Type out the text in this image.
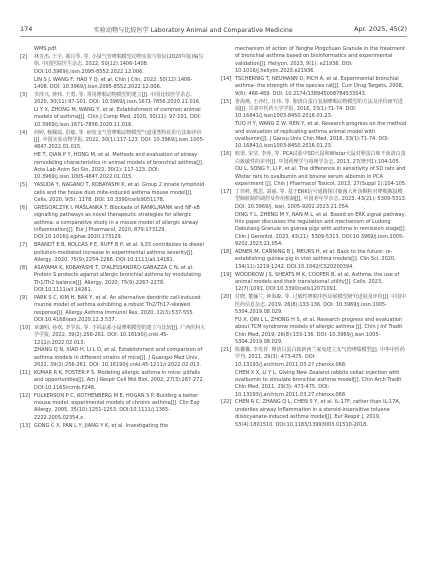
174	实验动物与比较医学 Laboratory Animal and Comparative Medicine	Apr. 2025, 45(2)
WMS.pdf.
[2]	林芳杰, 王宇, 郝月琴, 等. 小鼠气管哮喘模型动物实验与验证(2020年版)编写组. 中国医院医生杂志, 2022, 50(12):1406-1408. DOI:10.3969/j.issn.2095-8552.2022.12.006.
LIN S J, WANG F, HAO Y Q, et al. Chin J Clin, 2022, 50(12):1406-1408. DOI: 10.3969/j.issn.2095-8552.2022.12.006.
[3]	李泽兴, 钟炜, 王勇, 等. 常用哮喘动物模型的建立[J]. 中国比较医学杂志, 2020, 30(11):97-101. DOI: 10.3969/j.issn.1671-7856.2020.11.016.
LI Y X, ZHONG M, WANG Y, et al. Establishment of common animal models of asthma[J]. Chin J Comp Med, 2020, 30(11): 97-101. DOI: 10.3969/j.issn.1671-7856.2020.11.016.
[4]	何婷, 杨佩瑶, 洪敏, 等. 病发支气管哮喘动物模型气道重塑特征的方法和评价[J]. 中国实验动物学报, 2022, 30(1):117-123. DOI: 10.3969/j.issn.1005-4847.2022.01.015.
HE T, QIAN P Y, HONG M, et al. Methods and evaluation of airway remodeling characteristics in animal models of bronchial asthma[J]. Acta Lab Anim Sci Sin, 2022, 30(1): 117-123. DOI: 10.3969/j.issn.1005-4847.2022.01.015.
[5]	YASUDA Y, NAGANO T, KOBAYASHI K, et al. Group 2 innate lymphoid cells and the house dust mite-induced asthma mouse model[J]. Cells, 2020, 9(5): 1178. DOI: 10.3390/cells9051178.
[6]	GREGORCZYK I, MAŚLANKA T. Blockade of RANKL/RANK and NF-κB signalling pathways as novel therapeutic strategies for allergic asthma: a comparative study in a mouse model of allergic airway inflammation[J]. Eur J Pharmacol, 2020, 879:173129. DOI:10.1016/j.ejphar.2020.173129.
[7]	BRANDT E B, BOLCAS P E, RUFF B P, et al. IL33 contributes to diesel pollution-mediated increase in experimental asthma severity[J]. Allergy, 2020, 75(9):2254-2266. DOI:10.1111/all.14181.
[8]	ASAYAMA K, KOBAYASHI T, D'ALESSANDRO-GABAZZA C N, et al. Protein S protects against allergic bronchial asthma by modulating Th1/Th2 balance[J]. Allergy, 2020, 75(9):2267-2278. DOI:10.1111/all.14261.
[9]	PARK S C, KIM H, BAK Y, et al. An alternative dendritic cell-induced murine model of asthma exhibiting a robust Th2/Th17-skewed response[J]. Allergy Asthma Immunol Res, 2020, 12(3):537-555. DOI:10.4168/aair.2020.12.3.537.
[10] 章谦明, 孙欢, 李学东, 等. 不同品系小鼠哮喘模型的建立与比较[J]. 广西医科大学学报, 2022, 39(2):256-261. DOI: 10.16190/j.cnki.45-1211/r.2022.02.013.
ZHANG Q N, XIAO H, LI L D, et al. Establishment and comparison of asthma models in different strains of mice[J]. J Guangxi Med Univ, 2022, 39(2):256-261. DOI: 10.16190/j.cnki.45-1211/r.2022.02.013.
[11] KUMAR R K, FOSTER P S. Modeling allergic asthma in mice: pitfalls and opportunities[J]. Am J Respir Cell Mol Biol, 2002, 27(3):267-272. DOI:10.1165/rcmb.F248.
[12] FULKERSON P C, ROTHENBERG M E, HOGAN S P. Building a better mouse model: experimental models of chronic asthma[J]. Clin Exp Allergy, 2005, 35(10):1251-1253. DOI:10.1111/j.1365-2222.2005.02354.x.
[13] GONG C X, PAN L Y, JIANG Y K, et al. Investigating the
mechanism of action of Yanghe Pingchuan Granule in the treatment of bronchial asthma based on bioinformatics and experimental validation[J]. Heliyon, 2023, 9(1): e21936. DOI: 10.1016/j.heliyon.2023.e21936.
[14] TSCHERNIG T, NEUMANN D, PICH A, et al. Experimental bronchial asthma- the strength of the species rat[J]. Curr Drug Targets, 2008, 9(6): 466-469. DOI: 10.2174/138945008784533543.
[15] 皆海燕, 王亦红, 任伟, 等. 卵清白蛋白复制哮喘动物模型的方法及评价研究进展[J]. 甘肃中医药大学学报, 2016, 33(1):71-74. DOI: 10.16841/j.issn1003-8450.2016.01.23.
TUO H Y, WANG Z W, REN Y, et al. Research progress on the method and evaluation of replicating asthma animal model with ovalbumin[J]. J Gansu Univ Chin Med, 2016, 33(1):71-74. DOI: 10.16841/j.issn1003-8450.2016.01.23.
[16] 欧渠, 宋莹, 李萍, 等. PCA试验中SD大鼠和Wistar大鼠对卵蛋白和不血清白蛋白致敏性的差异[J]. 中国药理学与毒理学杂志, 2013, 27(增刊1):104-105.
OU L, SONG Y, LI P, et al. The difference in sensitivity of SD rats and Wistar rats to ovalbumin and bovine serum albumin in PCA experiment [J]. Chin J Pharmacol Toxicol, 2013, 27(Suppl 1):104-105.
[17] 丁佳岭, 熊思, 刘丽, 等. 基于ERK信号通路探讨鹿菌大补汤颗粒对哮喘豚鼠模型肺脏制的调控及作用机制[J]. 中国老年学杂志, 2023, 43(21): 5309-5313. DOI: 10.3969/j. issn. 1005-9202.2023.21.054.
DING Y L, ZHENG M Y, NAN M L, et al. Based on ERK signal pathway, this paper discusses the regulation and mechanism of Ludong Dabutang Granule on guinea pigs with asthma in remission stage[J]. Chin J Gerontol, 2023, 43(21): 5309-5313. DOI:10.3969/j.issn.1005-9202.2023.21.054.
[18] ADNER M, CANNING B J, MEURS H, et al. Back to the future: re-establishing guinea pig in vivo asthma models[J]. Clin Sci, 2020, 134(11):1219-1242. DOI:10.1042/CS20200394.
[19] WOODROW J S, SHEATS M K, COOPER B, et al. Asthma: the use of animal models and their translational utility[J]. Cells, 2023, 12(7):1091. DOI:10.3390/cells12071091.
[20] 付晓, 董骊兰, 钟海森, 等. 过敏性哮喘中医证候模型研究进展及评价[J]. 中国中医药信息杂志, 2019, 26(8):133-136. DOI: 10.3969/j.issn.1005-5304.2019.08.029.
FU X, QIN L L, ZHONG H S, et al. Research progress and evaluation about TCM syndrome models of allergic asthma [J]. Chin J Inf Tradit Chin Med, 2019, 26(8):133-136. DOI: 10.3969/j.issn.1005-5304.2019.08.029.
[21] 陈馨馨, 李发祥. 卵清白蛋白致新西兰家兔建立支气管哮喘模型[J]. 中华中医药学刊, 2011, 29(3): 473-475. DOI: 10.13193/j.archtcm.2011.03.27.chenxx.068.
CHEN X X, LI Y L. Giving New Zealand rabbits celiac injection with ovalbumin to simulate bronchial asthma model[J]. Chin Arch Tradit Chin Med, 2011, 29(3): 473-475. DOI: 10.13193/j.archtcm.2011.03.27.chenxx.068.
[22] CHEN R C, ZHANG Q L, CHEN S Y, et al. IL-17F, rather than IL-17A, underlies airway inflammation in a steroid-insensitive toluene diisocyanate-induced asthma model[J]. Eur Respir J, 2019, 53(4):1801510. DOI:10.1183/13993003.01510-2018.
